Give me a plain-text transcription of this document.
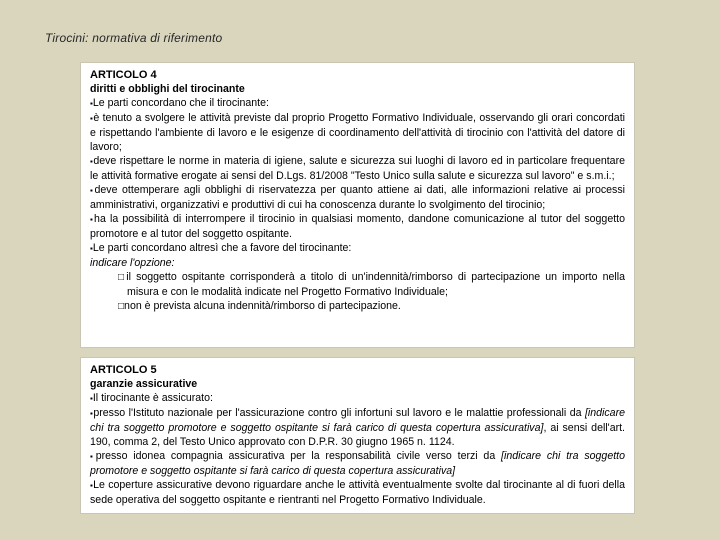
Tirocini: normativa di riferimento

ARTICOLO 4

diritti e obblighi del tirocinante

▪Le parti concordano che il tirocinante:

▪è tenuto a svolgere le attività previste dal proprio Progetto Formativo Individuale, osservando gli orari concordati e rispettando l'ambiente di lavoro e le esigenze di coordinamento dell'attività di tirocinio con l'attività del datore di lavoro;

▪deve rispettare le norme in materia di igiene, salute e sicurezza sui luoghi di lavoro ed in particolare frequentare le attività formative erogate ai sensi del D.Lgs. 81/2008 "Testo Unico sulla salute e sicurezza sul lavoro" e s.m.i.;

▪deve ottemperare agli obblighi di riservatezza per quanto attiene ai dati, alle informazioni relative ai processi amministrativi, organizzativi e produttivi di cui ha conoscenza durante lo svolgimento del tirocinio;

▪ha la possibilità di interrompere il tirocinio in qualsiasi momento, dandone comunicazione al tutor del soggetto promotore e al tutor del soggetto ospitante.

▪Le parti concordano altresì che a favore del tirocinante:

indicare l'opzione:

□il soggetto ospitante corrisponderà a titolo di un'indennità/rimborso di partecipazione un importo nella misura e con le modalità indicate nel Progetto Formativo Individuale;

□non è prevista alcuna indennità/rimborso di partecipazione.

ARTICOLO 5

garanzie assicurative

▪Il tirocinante è assicurato:

▪presso l'Istituto nazionale per l'assicurazione contro gli infortuni sul lavoro e le malattie professionali da [indicare chi tra soggetto promotore e soggetto ospitante si farà carico di questa copertura assicurativa], ai sensi dell'art. 190, comma 2, del Testo Unico approvato con D.P.R. 30 giugno 1965 n. 1124.

▪presso idonea compagnia assicurativa per la responsabilità civile verso terzi da [indicare chi tra soggetto promotore e soggetto ospitante si farà carico di questa copertura assicurativa]

▪Le coperture assicurative devono riguardare anche le attività eventualmente svolte dal tirocinante al di fuori della sede operativa del soggetto ospitante e rientranti nel Progetto Formativo Individuale.
